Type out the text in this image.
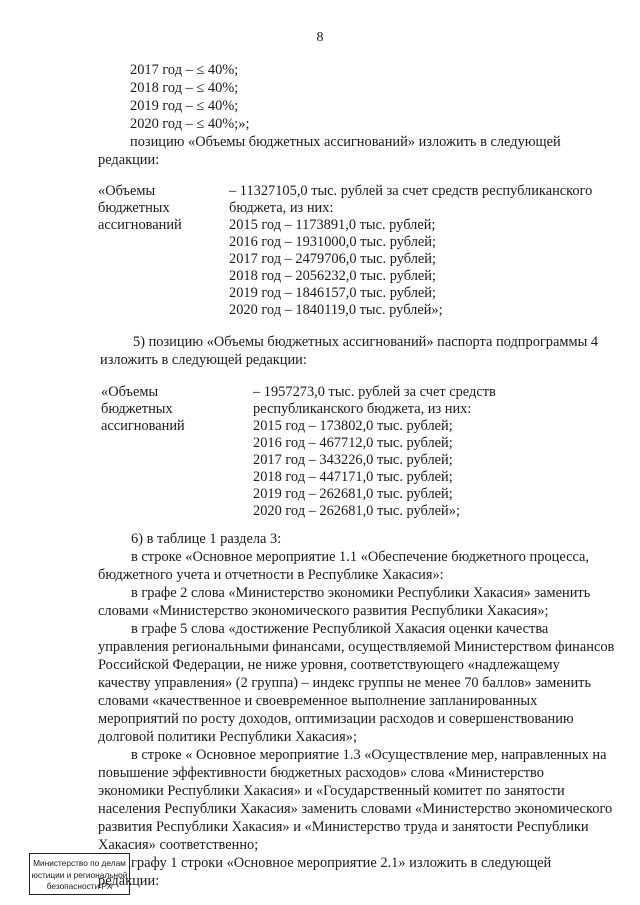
8
2017 год – ≤ 40%;
2018 год – ≤ 40%;
2019 год – ≤ 40%;
2020 год – ≤ 40%;»;
позицию «Объемы бюджетных ассигнований» изложить в следующей
редакции:
«Объемы
бюджетных
ассигнований
– 11327105,0 тыс. рублей за счет средств республиканского
бюджета, из них:
2015 год – 1173891,0 тыс. рублей;
2016 год – 1931000,0 тыс. рублей;
2017 год – 2479706,0 тыс. рублей;
2018 год – 2056232,0 тыс. рублей;
2019 год – 1846157,0 тыс. рублей;
2020 год – 1840119,0 тыс. рублей»;
5) позицию «Объемы бюджетных ассигнований» паспорта подпрограммы 4
изложить в следующей редакции:
«Объемы
бюджетных
ассигнований
– 1957273,0 тыс. рублей за счет средств
республиканского бюджета, из них:
2015 год – 173802,0 тыс. рублей;
2016 год – 467712,0 тыс. рублей;
2017 год – 343226,0 тыс. рублей;
2018 год – 447171,0 тыс. рублей;
2019 год – 262681,0 тыс. рублей;
2020 год – 262681,0 тыс. рублей»;
6) в таблице 1 раздела 3:
в строке «Основное мероприятие 1.1 «Обеспечение бюджетного процесса,
бюджетного учета и отчетности в Республике Хакасия»:
в графе 2 слова «Министерство экономики Республики Хакасия» заменить
словами «Министерство экономического развития Республики Хакасия»;
в графе 5 слова «достижение Республикой Хакасия оценки качества
управления региональными финансами, осуществляемой Министерством финансов
Российской Федерации, не ниже уровня, соответствующего «надлежащему
качеству управления» (2 группа) – индекс группы не менее 70 баллов» заменить
словами «качественное и своевременное выполнение запланированных
мероприятий по росту доходов, оптимизации расходов и совершенствованию
долговой политики Республики Хакасия»;
в строке « Основное мероприятие 1.3 «Осуществление мер, направленных на
повышение эффективности бюджетных расходов» слова «Министерство
экономики Республики Хакасия» и «Государственный комитет по занятости
населения Республики Хакасия» заменить словами «Министерство экономического
развития Республики Хакасия» и «Министерство труда и занятости Республики
Хакасия» соответственно;
графу 1 строки «Основное мероприятие 2.1» изложить в следующей
редакции:
Министерство по делам
юстиции и региональной
безопасности РХ
